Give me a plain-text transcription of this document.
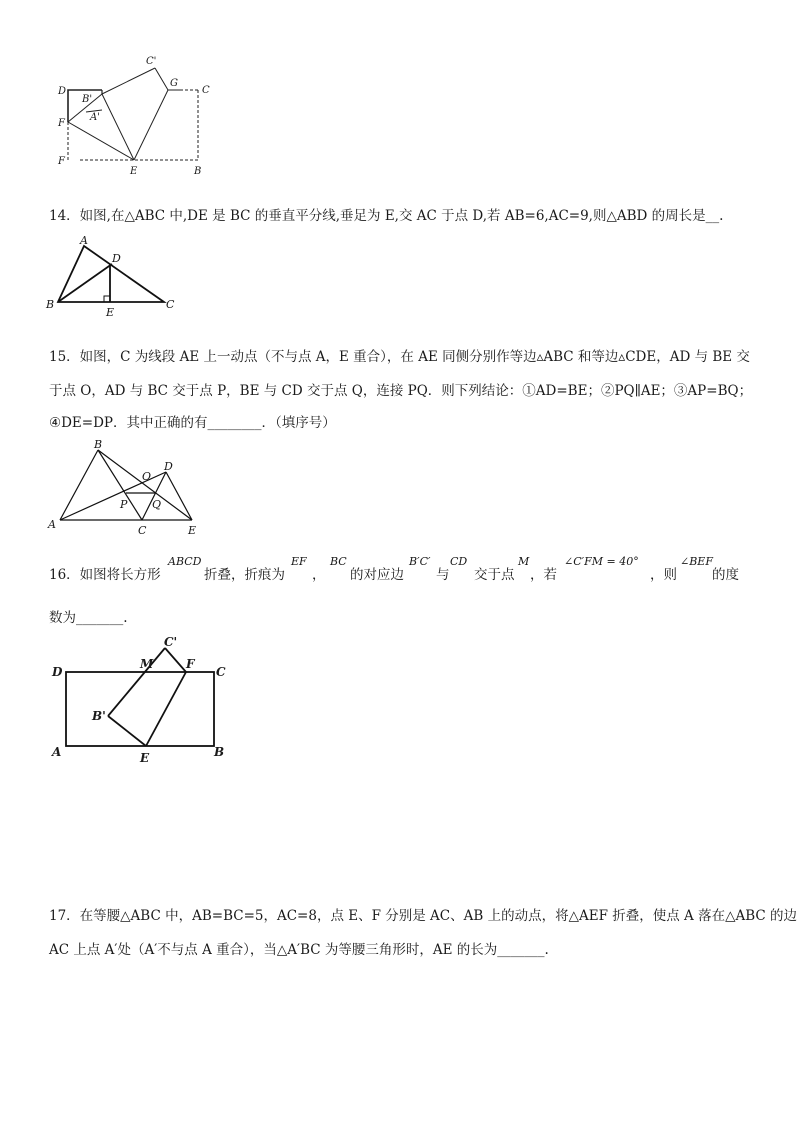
C'
G
C
D
B'
A'
F
F
E	B
14．如图,在△ABC 中,DE 是 BC 的垂直平分线,垂足为 E,交 AC 于点 D,若 AB=6,AC=9,则△ABD 的周长是__.
A
D
B
E
C
15．如图，C 为线段 AE 上一动点（不与点 A，E 重合），在 AE 同侧分别作等边▵ABC 和等边▵CDE，AD 与 BE 交
于点 O，AD 与 BC 交于点 P，BE 与 CD 交于点 Q，连接 PQ．则下列结论：①AD=BE；②PQ∥AE；③AP=BQ；
④DE=DP．其中正确的有________．（填序号）
B
O
D
P Q
A	C	E
16．如图将长方形
ABCD
折叠，折痕为
EF
，
BC
的对应边
B′C′
与
CD
交于点
M
，若
∠C′FM = 40°
，则
∠BEF
的度
数为_______.
C'
M	F
D	C
B'
A	E	B
17．在等腰△ABC 中，AB=BC=5，AC=8，点 E、F 分别是 AC、AB 上的动点，将△AEF 折叠，使点 A 落在△ABC 的边
AC 上点 A′处（A′不与点 A 重合），当△A′BC 为等腰三角形时，AE 的长为_______.
